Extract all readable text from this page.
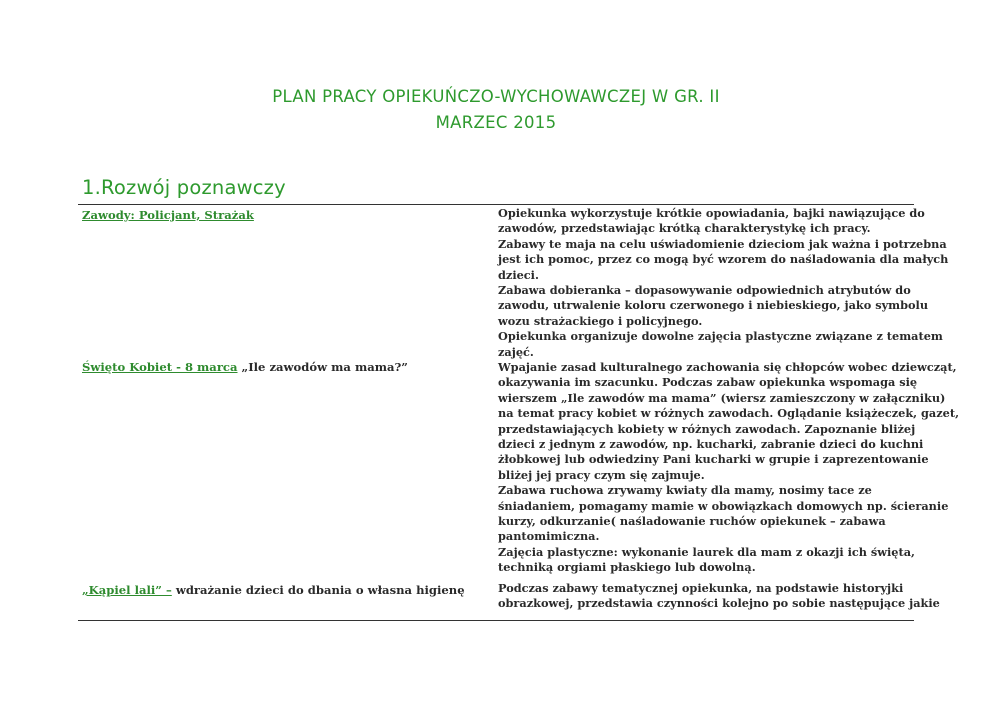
PLAN PRACY OPIEKUŃCZO-WYCHOWAWCZEJ W GR. II
MARZEC 2015
1.Rozwój poznawczy
Zawody: Policjant, Strażak	Opiekunka wykorzystuje krótkie opowiadania, bajki nawiązujące do
zawodów, przedstawiając krótką charakterystykę ich pracy.
Zabawy te maja na celu uświadomienie dzieciom jak ważna i potrzebna
jest ich pomoc, przez co mogą być wzorem do naśladowania dla małych
dzieci.
Zabawa dobieranka – dopasowywanie odpowiednich atrybutów do
zawodu, utrwalenie koloru czerwonego i niebieskiego, jako symbolu
wozu strażackiego i policyjnego.
Opiekunka organizuje dowolne zajęcia plastyczne związane z tematem
zajęć.
Święto Kobiet - 8 marca „Ile zawodów ma mama?”	Wpajanie zasad kulturalnego zachowania się chłopców wobec dziewcząt,
okazywania im szacunku. Podczas zabaw opiekunka wspomaga się
wierszem „Ile zawodów ma mama” (wiersz zamieszczony w załączniku)
na temat pracy kobiet w różnych zawodach. Oglądanie książeczek, gazet,
przedstawiających kobiety w różnych zawodach. Zapoznanie bliżej
dzieci z jednym z zawodów, np. kucharki, zabranie dzieci do kuchni
żłobkowej lub odwiedziny Pani kucharki w grupie i zaprezentowanie
bliżej jej pracy czym się zajmuje.
Zabawa ruchowa zrywamy kwiaty dla mamy, nosimy tace ze
śniadaniem, pomagamy mamie w obowiązkach domowych np. ścieranie
kurzy, odkurzanie( naśladowanie ruchów opiekunek – zabawa
pantomimiczna.
Zajęcia plastyczne: wykonanie laurek dla mam z okazji ich święta,
techniką orgiami płaskiego lub dowolną.
„Kąpiel lali” – wdrażanie dzieci do dbania o własna higienę	Podczas zabawy tematycznej opiekunka, na podstawie historyjki
obrazkowej, przedstawia czynności kolejno po sobie następujące jakie
